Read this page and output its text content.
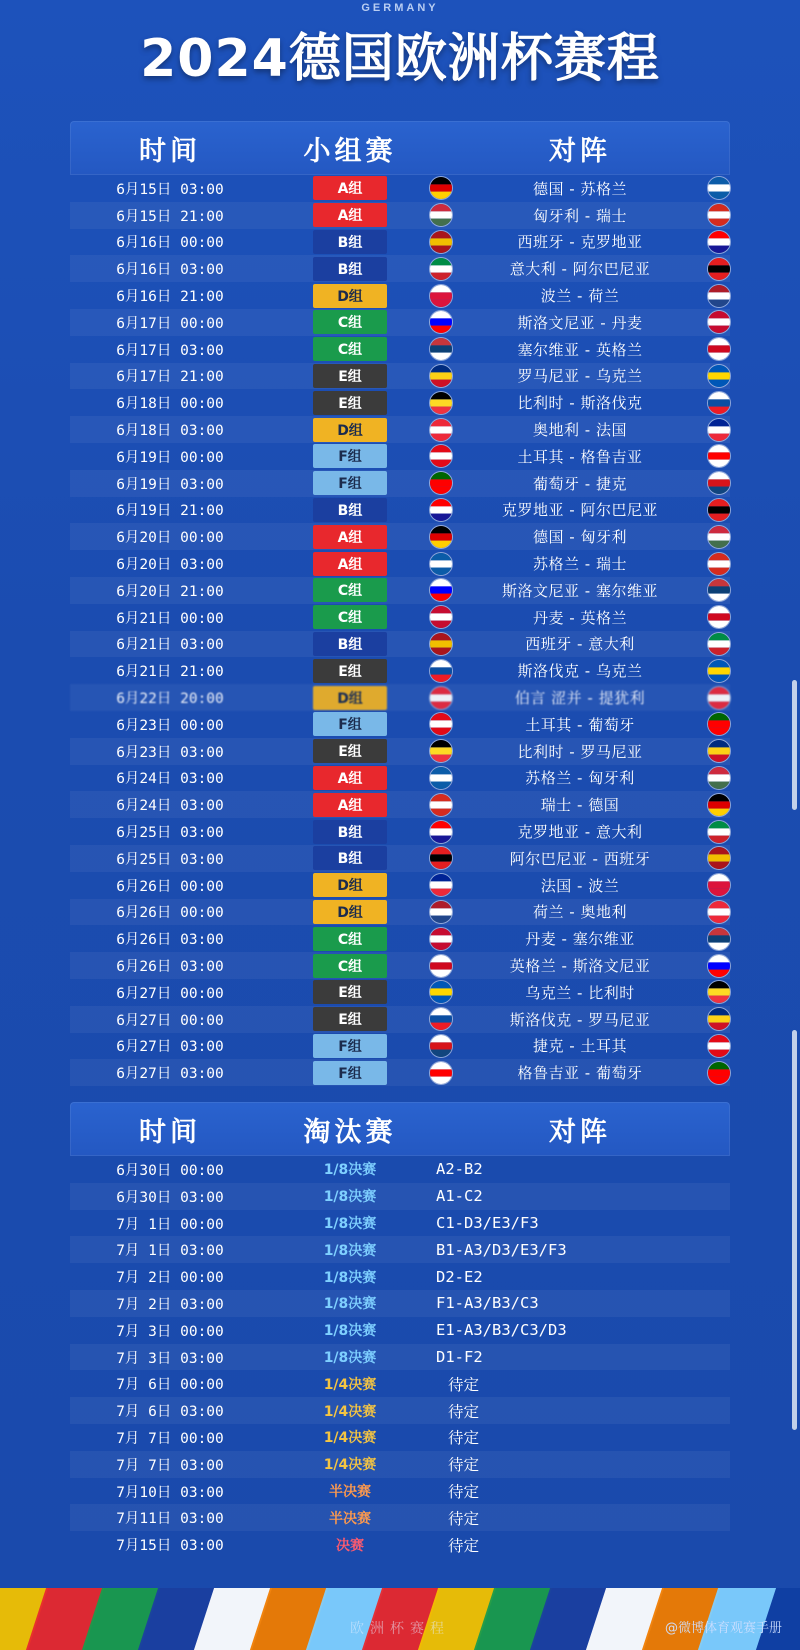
GERMANY
2024德国欧洲杯赛程
时间	小组赛	对阵
6月15日 03:00	A组	德国 - 苏格兰
6月15日 21:00	A组	匈牙利 - 瑞士
6月16日 00:00	B组	西班牙 - 克罗地亚
6月16日 03:00	B组	意大利 - 阿尔巴尼亚
6月16日 21:00	D组	波兰 - 荷兰
6月17日 00:00	C组	斯洛文尼亚 - 丹麦
6月17日 03:00	C组	塞尔维亚 - 英格兰
6月17日 21:00	E组	罗马尼亚 - 乌克兰
6月18日 00:00	E组	比利时 - 斯洛伐克
6月18日 03:00	D组	奥地利 - 法国
6月19日 00:00	F组	土耳其 - 格鲁吉亚
6月19日 03:00	F组	葡萄牙 - 捷克
6月19日 21:00	B组	克罗地亚 - 阿尔巴尼亚
6月20日 00:00	A组	德国 - 匈牙利
6月20日 03:00	A组	苏格兰 - 瑞士
6月20日 21:00	C组	斯洛文尼亚 - 塞尔维亚
6月21日 00:00	C组	丹麦 - 英格兰
6月21日 03:00	B组	西班牙 - 意大利
6月21日 21:00	E组	斯洛伐克 - 乌克兰
6月22日 20:00	D组	伯言 涩并 - 提犹利
6月23日 00:00	F组	土耳其 - 葡萄牙
6月23日 03:00	E组	比利时 - 罗马尼亚
6月24日 03:00	A组	苏格兰 - 匈牙利
6月24日 03:00	A组	瑞士 - 德国
6月25日 03:00	B组	克罗地亚 - 意大利
6月25日 03:00	B组	阿尔巴尼亚 - 西班牙
6月26日 00:00	D组	法国 - 波兰
6月26日 00:00	D组	荷兰 - 奥地利
6月26日 03:00	C组	丹麦 - 塞尔维亚
6月26日 03:00	C组	英格兰 - 斯洛文尼亚
6月27日 00:00	E组	乌克兰 - 比利时
6月27日 00:00	E组	斯洛伐克 - 罗马尼亚
6月27日 03:00	F组	捷克 - 土耳其
6月27日 03:00	F组	格鲁吉亚 - 葡萄牙
时间	淘汰赛	对阵
6月30日 00:00	1/8决赛	A2-B2
6月30日 03:00	1/8决赛	A1-C2
7月 1日 00:00	1/8决赛	C1-D3/E3/F3
7月 1日 03:00	1/8决赛	B1-A3/D3/E3/F3
7月 2日 00:00	1/8决赛	D2-E2
7月 2日 03:00	1/8决赛	F1-A3/B3/C3
7月 3日 00:00	1/8决赛	E1-A3/B3/C3/D3
7月 3日 03:00	1/8决赛	D1-F2
7月 6日 00:00	1/4决赛	待定
7月 6日 03:00	1/4决赛	待定
7月 7日 00:00	1/4决赛	待定
7月 7日 03:00	1/4决赛	待定
7月10日 03:00	半决赛	待定
7月11日 03:00	半决赛	待定
7月15日 03:00	决赛	待定
欧洲杯赛程	@微博体育观赛手册
